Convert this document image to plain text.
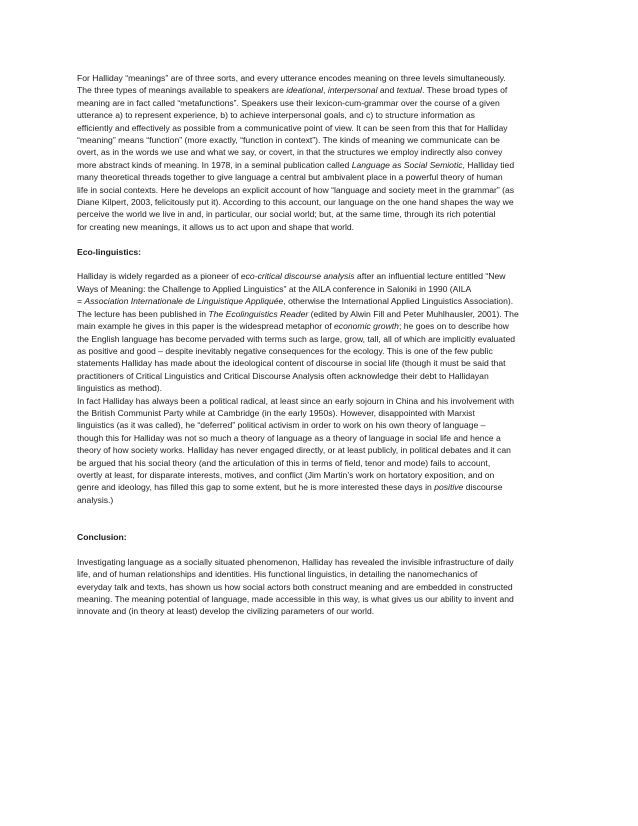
For Halliday “meanings” are of three sorts, and every utterance encodes meaning on three levels simultaneously.
The three types of meanings available to speakers are ideational, interpersonal and textual. These broad types of
meaning are in fact called “metafunctions”. Speakers use their lexicon-cum-grammar over the course of a given
utterance a) to represent experience, b) to achieve interpersonal goals, and c) to structure information as
efficiently and effectively as possible from a communicative point of view. It can be seen from this that for Halliday
“meaning” means “function” (more exactly, “function in context”). The kinds of meaning we communicate can be
overt, as in the words we use and what we say, or covert, in that the structures we employ indirectly also convey
more abstract kinds of meaning. In 1978, in a seminal publication called Language as Social Semiotic, Halliday tied
many theoretical threads together to give language a central but ambivalent place in a powerful theory of human
life in social contexts. Here he develops an explicit account of how “language and society meet in the grammar” (as
Diane Kilpert, 2003, felicitously put it). According to this account, our language on the one hand shapes the way we
perceive the world we live in and, in particular, our social world; but, at the same time, through its rich potential
for creating new meanings, it allows us to act upon and shape that world.

Eco-linguistics:

Halliday is widely regarded as a pioneer of eco-critical discourse analysis after an influential lecture entitled “New
Ways of Meaning: the Challenge to Applied Linguistics” at the AILA conference in Saloniki in 1990 (AILA
= Association Internationale de Linguistique Appliquée, otherwise the International Applied Linguistics Association).
The lecture has been published in The Ecolinguistics Reader (edited by Alwin Fill and Peter Muhlhausler, 2001). The
main example he gives in this paper is the widespread metaphor of economic growth; he goes on to describe how
the English language has become pervaded with terms such as large, grow, tall, all of which are implicitly evaluated
as positive and good – despite inevitably negative consequences for the ecology. This is one of the few public
statements Halliday has made about the ideological content of discourse in social life (though it must be said that
practitioners of Critical Linguistics and Critical Discourse Analysis often acknowledge their debt to Hallidayan
linguistics as method).
In fact Halliday has always been a political radical, at least since an early sojourn in China and his involvement with
the British Communist Party while at Cambridge (in the early 1950s). However, disappointed with Marxist
linguistics (as it was called), he “deferred” political activism in order to work on his own theory of language –
though this for Halliday was not so much a theory of language as a theory of language in social life and hence a
theory of how society works. Halliday has never engaged directly, or at least publicly, in political debates and it can
be argued that his social theory (and the articulation of this in terms of field, tenor and mode) fails to account,
overtly at least, for disparate interests, motives, and conflict (Jim Martin’s work on hortatory exposition, and on
genre and ideology, has filled this gap to some extent, but he is more interested these days in positive discourse
analysis.)

Conclusion:

Investigating language as a socially situated phenomenon, Halliday has revealed the invisible infrastructure of daily
life, and of human relationships and identities. His functional linguistics, in detailing the nanomechanics of
everyday talk and texts, has shown us how social actors both construct meaning and are embedded in constructed
meaning. The meaning potential of language, made accessible in this way, is what gives us our ability to invent and
innovate and (in theory at least) develop the civilizing parameters of our world.
